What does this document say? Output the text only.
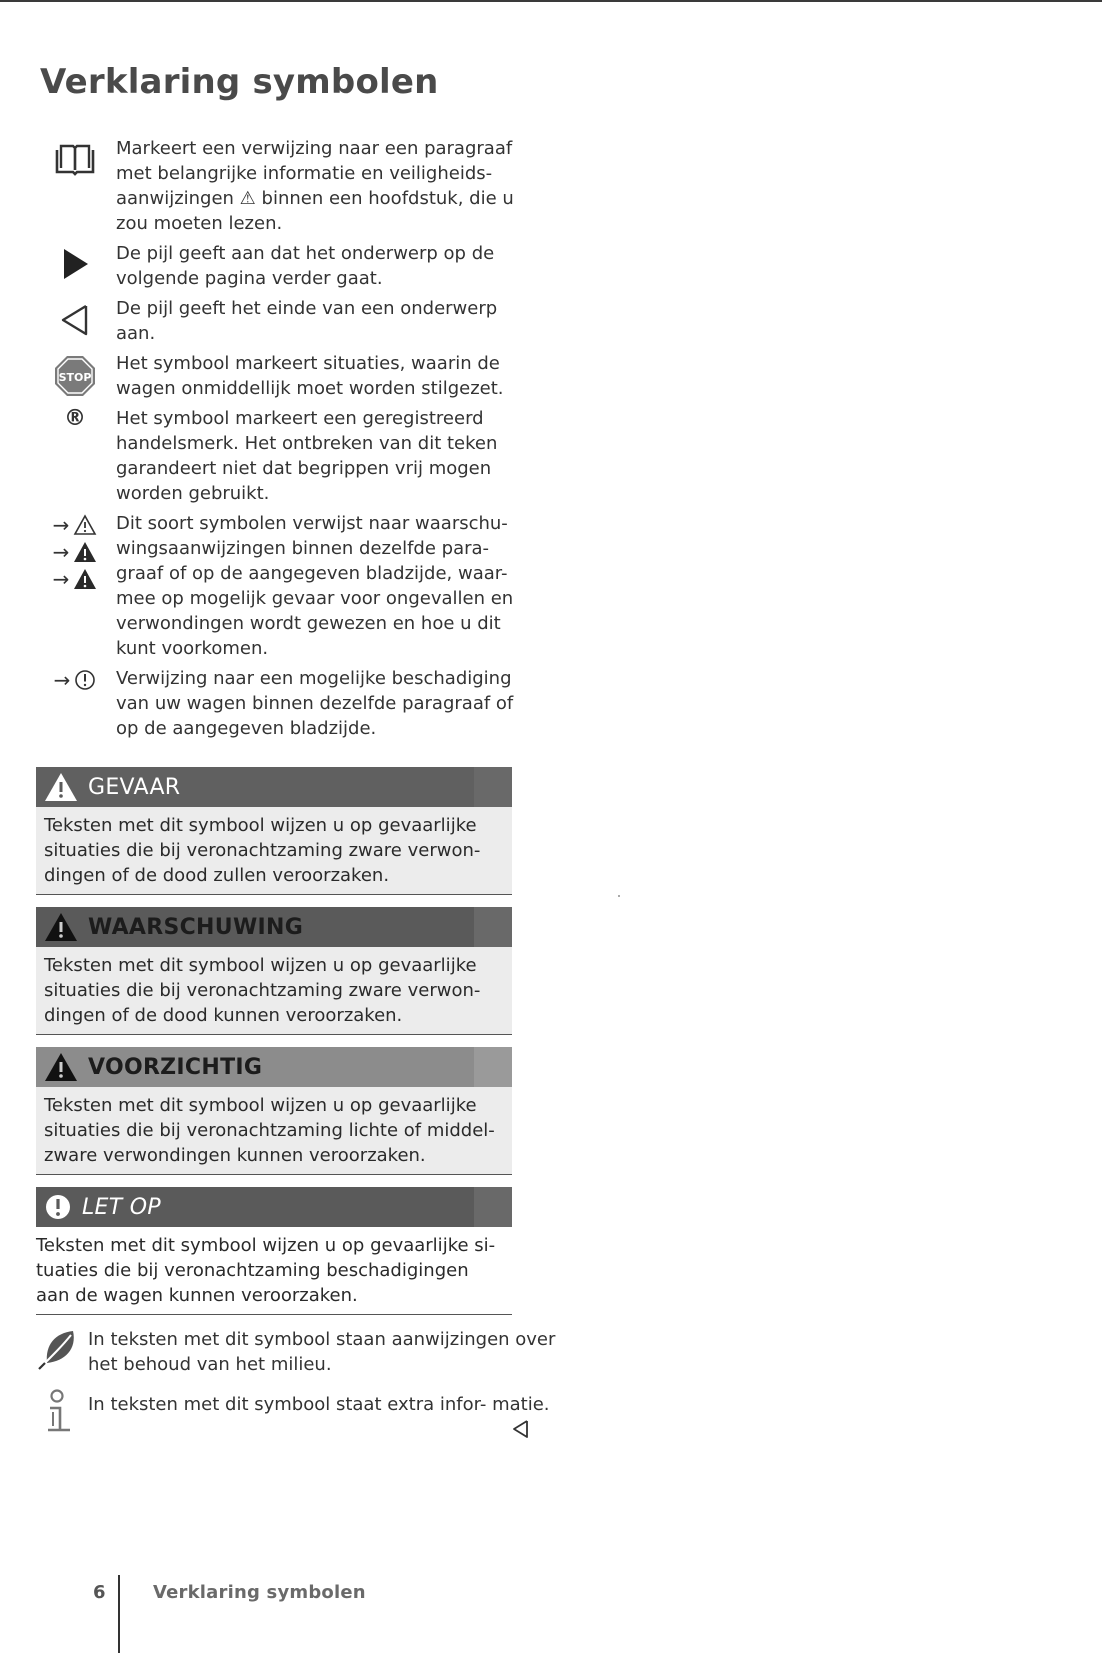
Verklaring symbolen
Markeert een verwijzing naar een paragraaf met belangrijke informatie en veiligheids- aanwijzingen ⚠ binnen een hoofdstuk, die u zou moeten lezen.
De pijl geeft aan dat het onderwerp op de volgende pagina verder gaat.
De pijl geeft het einde van een onderwerp aan.
STOP
Het symbool markeert situaties, waarin de wagen onmiddellijk moet worden stilgezet.
® Het symbool markeert een geregistreerd handelsmerk. Het ontbreken van dit teken garandeert niet dat begrippen vrij mogen worden gebruikt.
→
→
→
Dit soort symbolen verwijst naar waarschu- wingsaanwijzingen binnen dezelfde para- graaf of op de aangegeven bladzijde, waar- mee op mogelijk gevaar voor ongevallen en verwondingen wordt gewezen en hoe u dit kunt voorkomen.
→	Verwijzing naar een mogelijke beschadiging van uw wagen binnen dezelfde paragraaf of op de aangegeven bladzijde.
GEVAAR
Teksten met dit symbool wijzen u op gevaarlijke situaties die bij veronachtzaming zware verwon- dingen of de dood zullen veroorzaken.
WAARSCHUWING
Teksten met dit symbool wijzen u op gevaarlijke situaties die bij veronachtzaming zware verwon- dingen of de dood kunnen veroorzaken.
VOORZICHTIG
Teksten met dit symbool wijzen u op gevaarlijke situaties die bij veronachtzaming lichte of middel- zware verwondingen kunnen veroorzaken.
LET OP
Teksten met dit symbool wijzen u op gevaarlijke si- tuaties die bij veronachtzaming beschadigingen aan de wagen kunnen veroorzaken.
In teksten met dit symbool staan aanwijzingen over het behoud van het milieu.
In teksten met dit symbool staat extra infor- matie.
6	Verklaring symbolen
